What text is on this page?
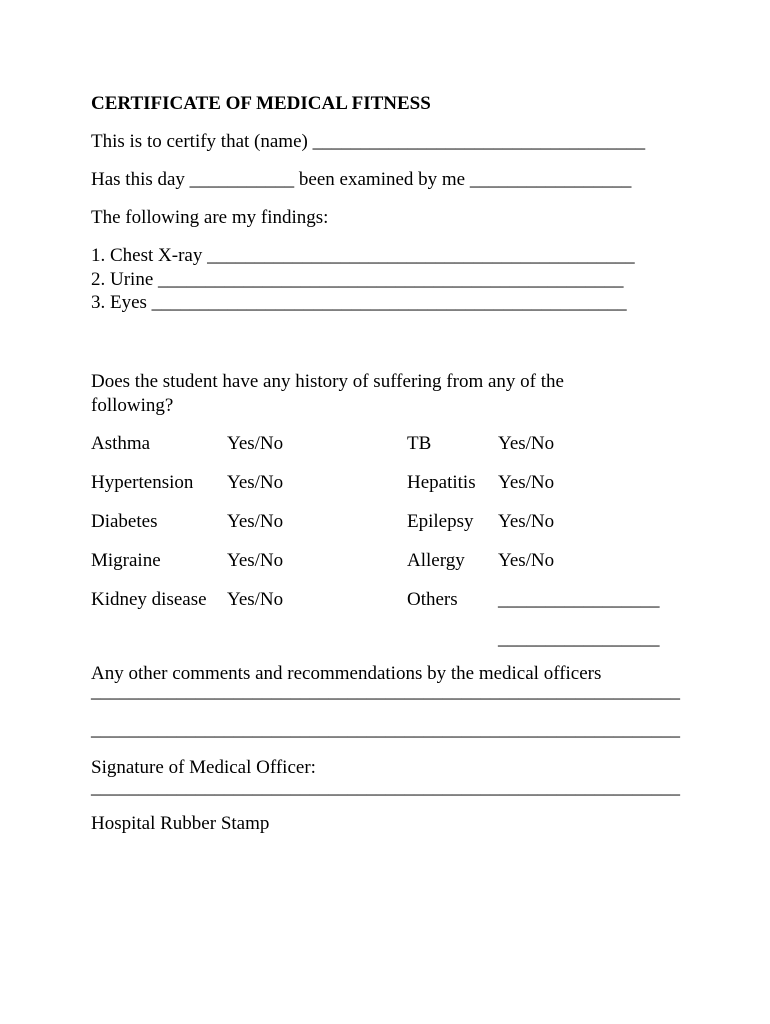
CERTIFICATE OF MEDICAL FITNESS
This is to certify that (name) ___________________________________
Has this day ___________ been examined by me _________________
The following are my findings:
1. Chest X-ray _____________________________________________
2. Urine _________________________________________________
3. Eyes __________________________________________________
Does the student have any history of suffering from any of the following?
Asthma	Yes/No	TB	Yes/No
Hypertension Yes/No	Hepatitis Yes/No
Diabetes	Yes/No	Epilepsy Yes/No
Migraine	Yes/No	Allergy Yes/No
Kidney disease Yes/No	Others _________________
_________________
Any other comments and recommendations by the medical officers
______________________________________________________________
______________________________________________________________
Signature of Medical Officer:
______________________________________________________________
Hospital Rubber Stamp
